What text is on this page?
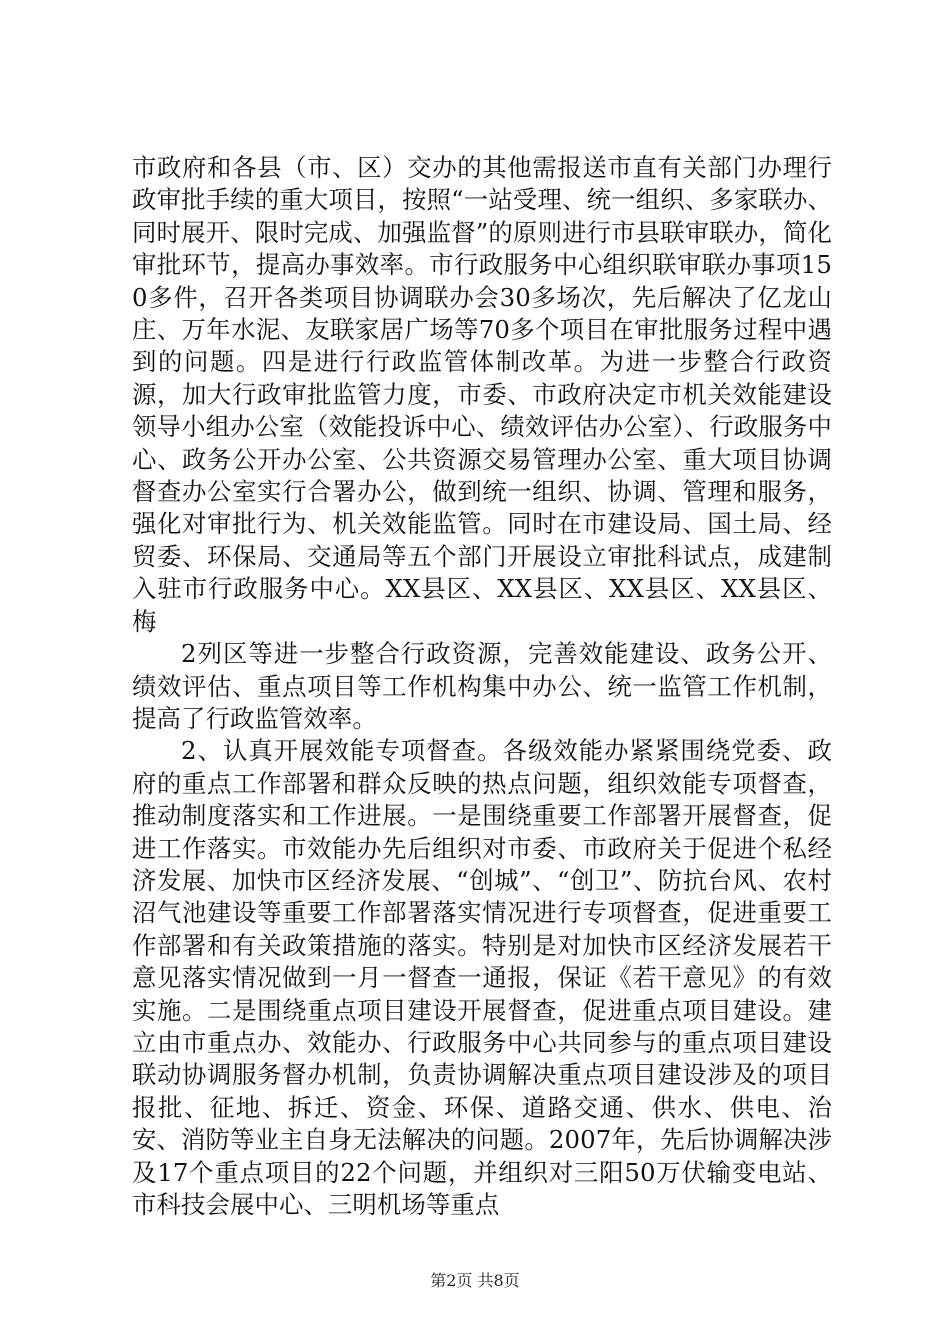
市政府和各县（市、区）交办的其他需报送市直有关部门办理行政审批手续的重大项目，按照“一站受理、统一组织、多家联办、同时展开、限时完成、加强监督”的原则进行市县联审联办，简化审批环节，提高办事效率。市行政服务中心组织联审联办事项150多件，召开各类项目协调联办会30多场次，先后解决了亿龙山庄、万年水泥、友联家居广场等70多个项目在审批服务过程中遇到的问题。四是进行行政监管体制改革。为进一步整合行政资源，加大行政审批监管力度，市委、市政府决定市机关效能建设领导小组办公室（效能投诉中心、绩效评估办公室）、行政服务中心、政务公开办公室、公共资源交易管理办公室、重大项目协调督查办公室实行合署办公，做到统一组织、协调、管理和服务，强化对审批行为、机关效能监管。同时在市建设局、国土局、经贸委、环保局、交通局等五个部门开展设立审批科试点，成建制入驻市行政服务中心。XX县区、XX县区、XX县区、XX县区、梅

2列区等进一步整合行政资源，完善效能建设、政务公开、绩效评估、重点项目等工作机构集中办公、统一监管工作机制，提高了行政监管效率。

2、认真开展效能专项督查。各级效能办紧紧围绕党委、政府的重点工作部署和群众反映的热点问题，组织效能专项督查，推动制度落实和工作进展。一是围绕重要工作部署开展督查，促进工作落实。市效能办先后组织对市委、市政府关于促进个私经济发展、加快市区经济发展、“创城”、“创卫”、防抗台风、农村沼气池建设等重要工作部署落实情况进行专项督查，促进重要工作部署和有关政策措施的落实。特别是对加快市区经济发展若干意见落实情况做到一月一督查一通报，保证《若干意见》的有效实施。二是围绕重点项目建设开展督查，促进重点项目建设。建立由市重点办、效能办、行政服务中心共同参与的重点项目建设联动协调服务督办机制，负责协调解决重点项目建设涉及的项目报批、征地、拆迁、资金、环保、道路交通、供水、供电、治安、消防等业主自身无法解决的问题。2007年，先后协调解决涉及17个重点项目的22个问题，并组织对三阳50万伏输变电站、市科技会展中心、三明机场等重点

第2页 共8页
